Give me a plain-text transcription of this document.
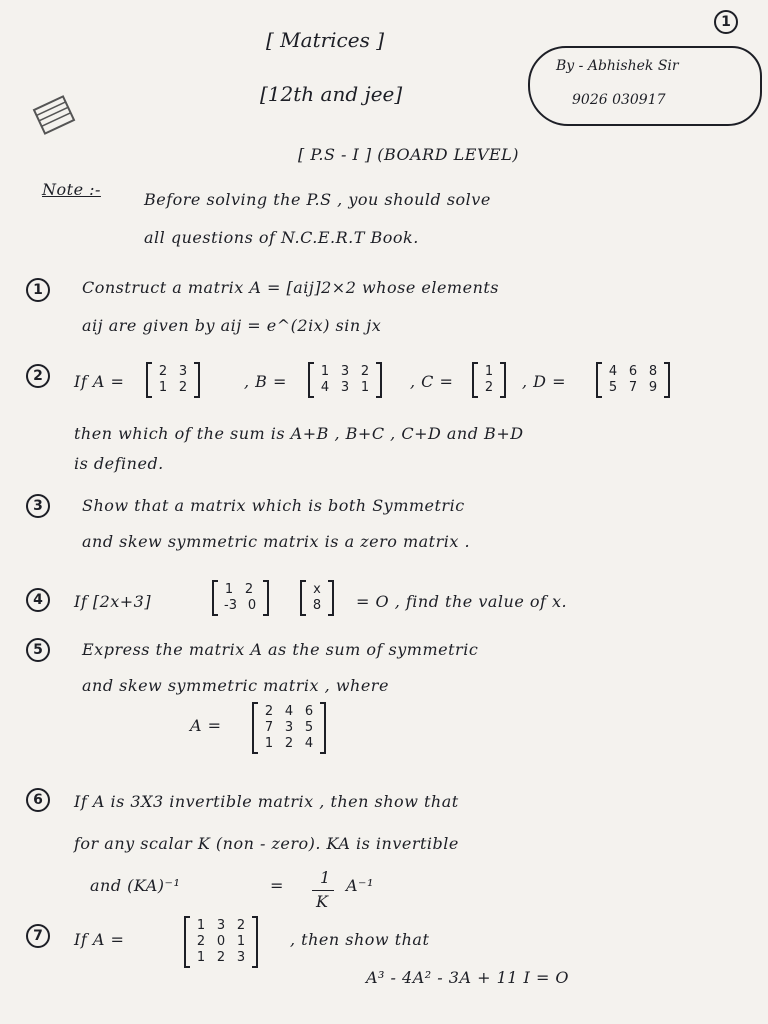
1
[ Matrices ]
[12th and jee]
By - Abhishek Sir
9026 030917
[ P.S - I ] (BOARD LEVEL)
Note :-
Before solving the P.S , you should solve
all questions of N.C.E.R.T Book.
1	Construct a matrix A = [aij]2×2 whose elements
aij are given by aij = e^(2ix) sin jx
2	If A =
2 3
1 2	, B =
1 3 2
4 3 1	, C =
1
2 , D =
4 6 8
5 7 9
then which of the sum is A+B , B+C , C+D and B+D
is defined.
3	Show that a matrix which is both Symmetric
and skew symmetric matrix is a zero matrix .
4	If [2x+3]
1 2
-3 0
x
8 = O , find the value of x.
5	Express the matrix A as the sum of symmetric
and skew symmetric matrix , where
A =
2 4 6
7 3 5
1 2 4
6	If A is 3X3 invertible matrix , then show that
for any scalar K (non - zero). KA is invertible
and (KA)⁻¹	= 1
K
A⁻¹
7	If A =
1 3 2
2 0 1
1 2 3
, then show that
A³ - 4A² - 3A + 11 I = O
